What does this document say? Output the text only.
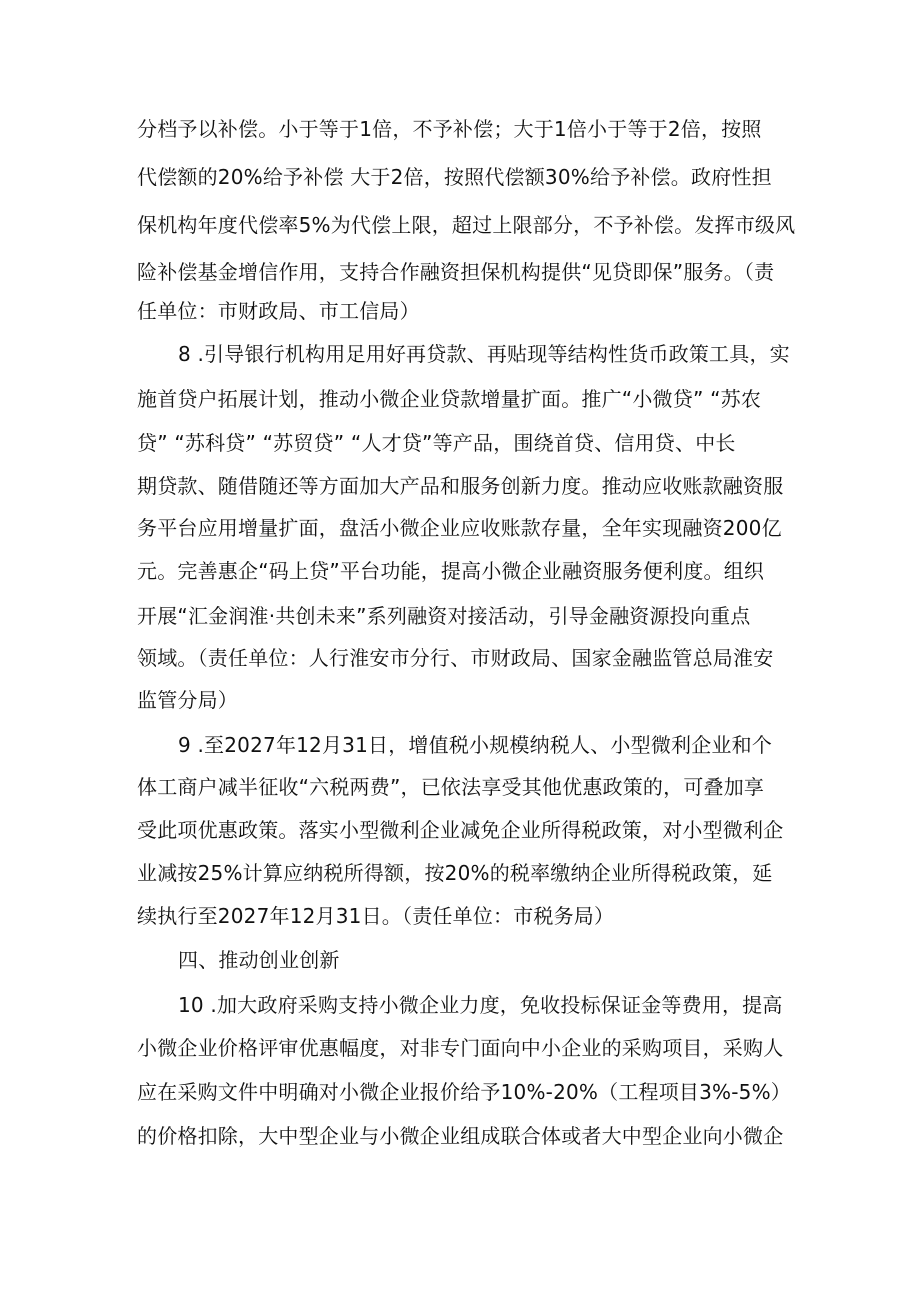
分档予以补偿。小于等于1倍，不予补偿；大于1倍小于等于2倍，按照
代偿额的20%给予补偿 大于2倍，按照代偿额30%给予补偿。政府性担
保机构年度代偿率5%为代偿上限，超过上限部分，不予补偿。发挥市级风
险补偿基金增信作用，支持合作融资担保机构提供“见贷即保”服务。（责
任单位：市财政局、市工信局）
8 .引导银行机构用足用好再贷款、再贴现等结构性货币政策工具，实
施首贷户拓展计划，推动小微企业贷款增量扩面。推广“小微贷” “苏农
贷” “苏科贷” “苏贸贷” “人才贷”等产品，围绕首贷、信用贷、中长
期贷款、随借随还等方面加大产品和服务创新力度。推动应收账款融资服
务平台应用增量扩面，盘活小微企业应收账款存量，全年实现融资200亿
元。完善惠企“码上贷”平台功能，提高小微企业融资服务便利度。组织
开展“汇金润淮·共创未来”系列融资对接活动，引导金融资源投向重点
领域。（责任单位：人行淮安市分行、市财政局、国家金融监管总局淮安
监管分局）
9 .至2027年12月31日，增值税小规模纳税人、小型微利企业和个
体工商户减半征收“六税两费”，已依法享受其他优惠政策的，可叠加享
受此项优惠政策。落实小型微利企业减免企业所得税政策，对小型微利企
业减按25%计算应纳税所得额，按20%的税率缴纳企业所得税政策，延
续执行至2027年12月31日。（责任单位：市税务局）
四、推动创业创新
10 .加大政府采购支持小微企业力度，免收投标保证金等费用，提高
小微企业价格评审优惠幅度，对非专门面向中小企业的采购项目，采购人
应在采购文件中明确对小微企业报价给予10%-20%（工程项目3%-5%）
的价格扣除，大中型企业与小微企业组成联合体或者大中型企业向小微企
